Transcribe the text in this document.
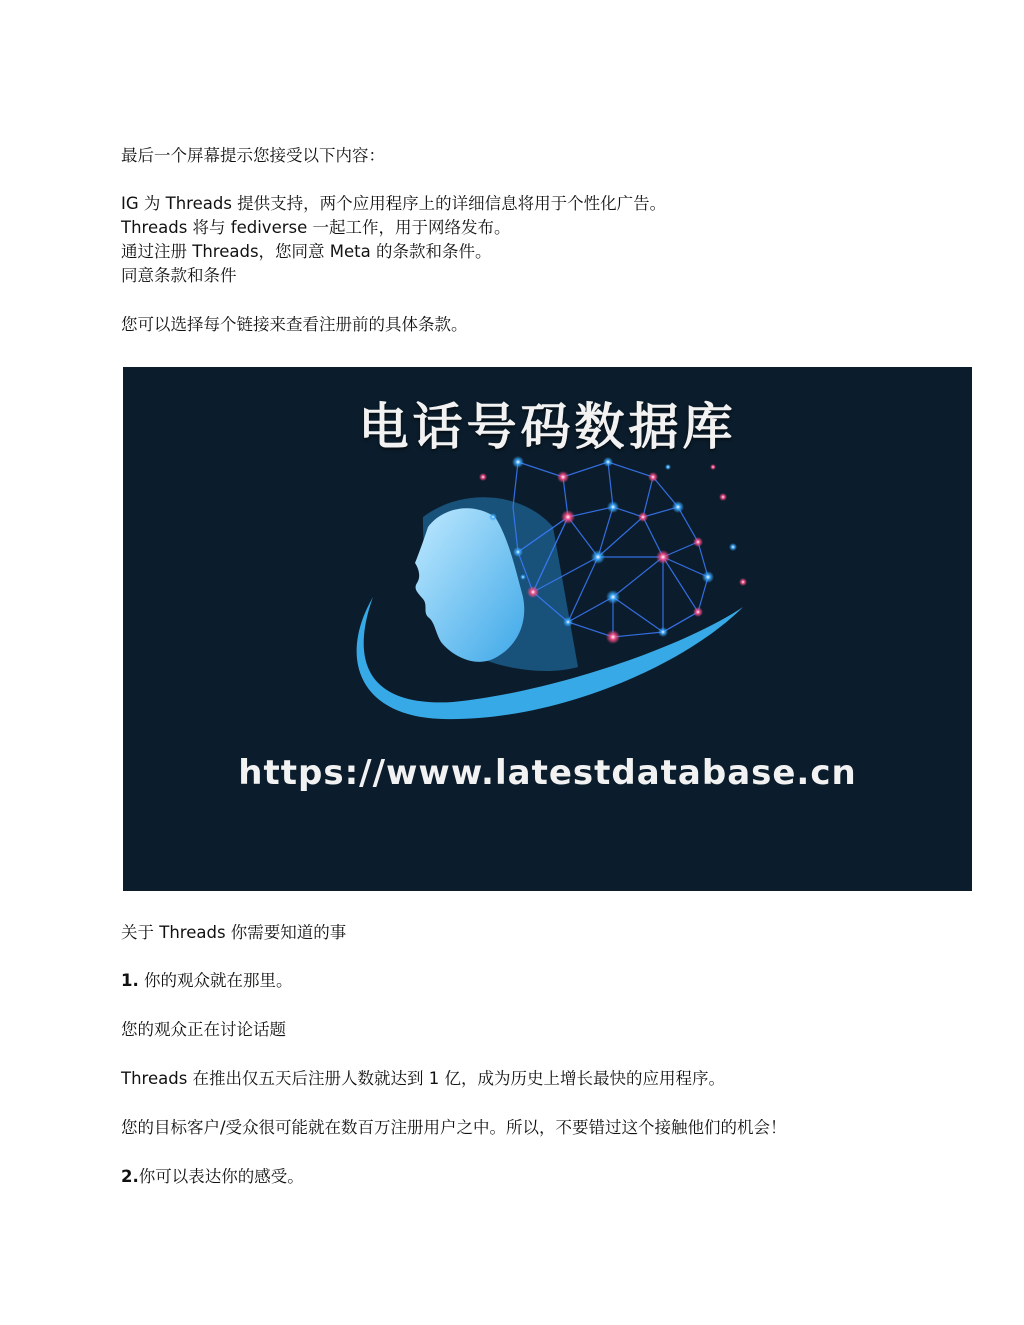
最后一个屏幕提示您接受以下内容：
IG 为 Threads 提供支持，两个应用程序上的详细信息将用于个性化广告。
Threads 将与 fediverse 一起工作，用于网络发布。
通过注册 Threads，您同意 Meta 的条款和条件。
同意条款和条件
您可以选择每个链接来查看注册前的具体条款。
电话号码数据库
https://www.latestdatabase.cn
关于 Threads 你需要知道的事
1. 你的观众就在那里。
您的观众正在讨论话题
Threads 在推出仅五天后注册人数就达到 1 亿，成为历史上增长最快的应用程序。
您的目标客户/受众很可能就在数百万注册用户之中。所以，不要错过这个接触他们的机会！
2.你可以表达你的感受。
